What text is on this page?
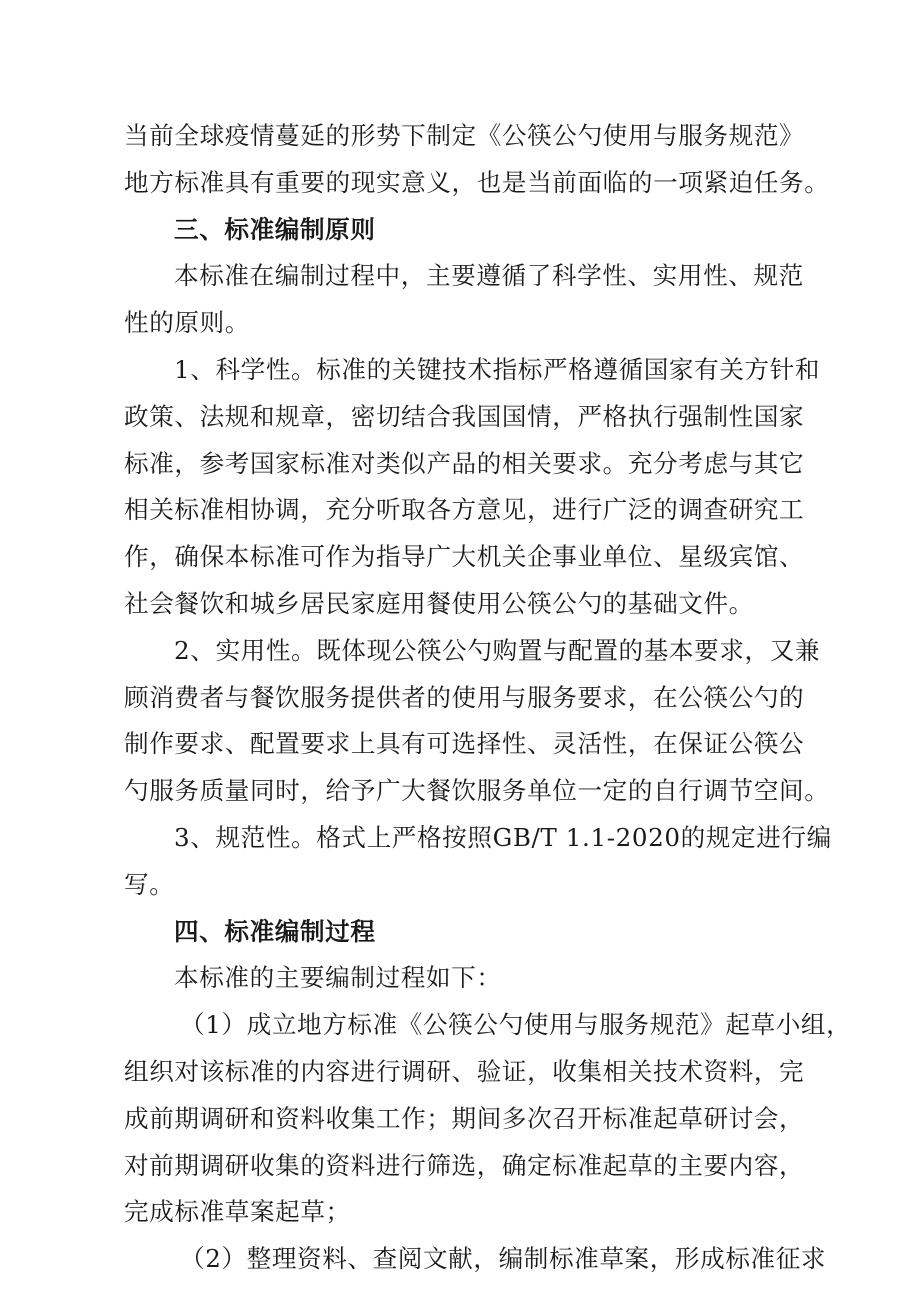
当前全球疫情蔓延的形势下制定《公筷公勺使用与服务规范》
地方标准具有重要的现实意义，也是当前面临的一项紧迫任务。
三、标准编制原则
本标准在编制过程中，主要遵循了科学性、实用性、规范
性的原则。
1、科学性。标准的关键技术指标严格遵循国家有关方针和
政策、法规和规章，密切结合我国国情，严格执行强制性国家
标准，参考国家标准对类似产品的相关要求。充分考虑与其它
相关标准相协调，充分听取各方意见，进行广泛的调查研究工
作，确保本标准可作为指导广大机关企事业单位、星级宾馆、
社会餐饮和城乡居民家庭用餐使用公筷公勺的基础文件。
2、实用性。既体现公筷公勺购置与配置的基本要求，又兼
顾消费者与餐饮服务提供者的使用与服务要求，在公筷公勺的
制作要求、配置要求上具有可选择性、灵活性，在保证公筷公
勺服务质量同时，给予广大餐饮服务单位一定的自行调节空间。
3、规范性。格式上严格按照GB/T 1.1-2020的规定进行编
写。
四、标准编制过程
本标准的主要编制过程如下：
（1）成立地方标准《公筷公勺使用与服务规范》起草小组，
组织对该标准的内容进行调研、验证，收集相关技术资料，完
成前期调研和资料收集工作；期间多次召开标准起草研讨会，
对前期调研收集的资料进行筛选，确定标准起草的主要内容，
完成标准草案起草；
（2）整理资料、查阅文献，编制标准草案，形成标准征求
